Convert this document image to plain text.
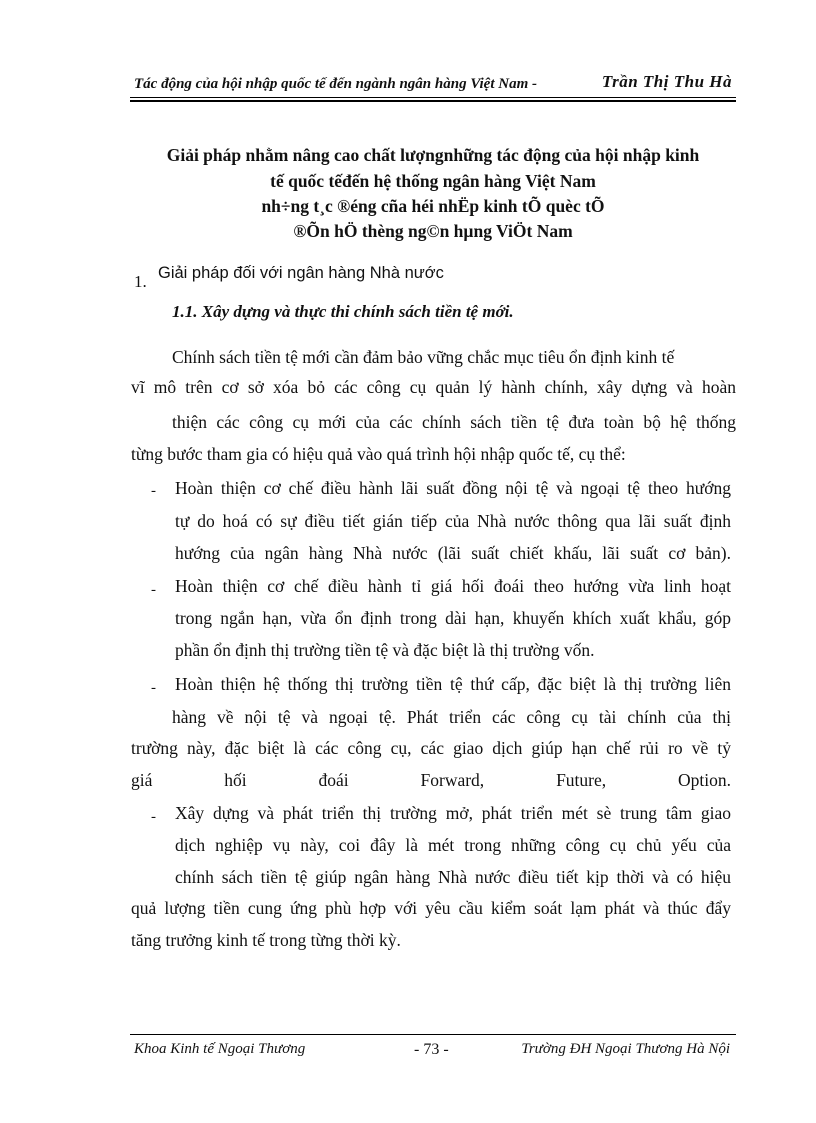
Tác động của hội nhập quốc tế đến ngành ngân hàng Việt Nam -	Trần Thị Thu Hà
Giải pháp nhằm nâng cao chất lượngnhững tác động của hội nhập kinh
tế quốc tếđến hệ thống ngân hàng Việt Nam
nh÷ng t¸c ®éng cña héi nhËp kinh tÕ quèc tÕ
®Õn hÖ thèng ng©n hµng ViÖt Nam
1. Giải pháp đối với ngân hàng Nhà nước
1.1. Xây dựng và thực thi chính sách tiền tệ mới.
Chính sách tiền tệ mới cần đảm bảo vững chắc mục tiêu ổn định kinh tế
vĩ mô trên cơ sở xóa bỏ các công cụ quản lý hành chính, xây dựng và hoàn
thiện các công cụ mới của các chính sách tiền tệ đưa toàn bộ hệ thống
từng bước tham gia có hiệu quả vào quá trình hội nhập quốc tế, cụ thể:
- Hoàn thiện cơ chế điều hành lãi suất đồng nội tệ và ngoại tệ theo hướng
tự do hoá có sự điều tiết gián tiếp của Nhà nước thông qua lãi suất định
hướng của ngân hàng Nhà nước (lãi suất chiết khấu, lãi suất cơ bản).
- Hoàn thiện cơ chế điều hành tỉ giá hối đoái theo hướng vừa linh hoạt
trong ngắn hạn, vừa ổn định trong dài hạn, khuyến khích xuất khẩu, góp
phần ổn định thị trường tiền tệ và đặc biệt là thị trường vốn.
- Hoàn thiện hệ thống thị trường tiền tệ thứ cấp, đặc biệt là thị trường liên
hàng về nội tệ và ngoại tệ. Phát triển các công cụ tài chính của thị
trường này, đặc biệt là các công cụ, các giao dịch giúp hạn chế rủi ro về tỷ
giá hối đoái Forward, Future, Option.
- Xây dựng và phát triển thị trường mở, phát triển mét sè trung tâm giao
dịch nghiệp vụ này, coi đây là mét trong những công cụ chủ yếu của
chính sách tiền tệ giúp ngân hàng Nhà nước điều tiết kịp thời và có hiệu
quả lượng tiền cung ứng phù hợp với yêu cầu kiểm soát lạm phát và thúc đẩy
tăng trưởng kinh tế trong từng thời kỳ.
Khoa Kinh tế Ngoại Thương	- 73 -	Trường ĐH Ngoại Thương Hà Nội
